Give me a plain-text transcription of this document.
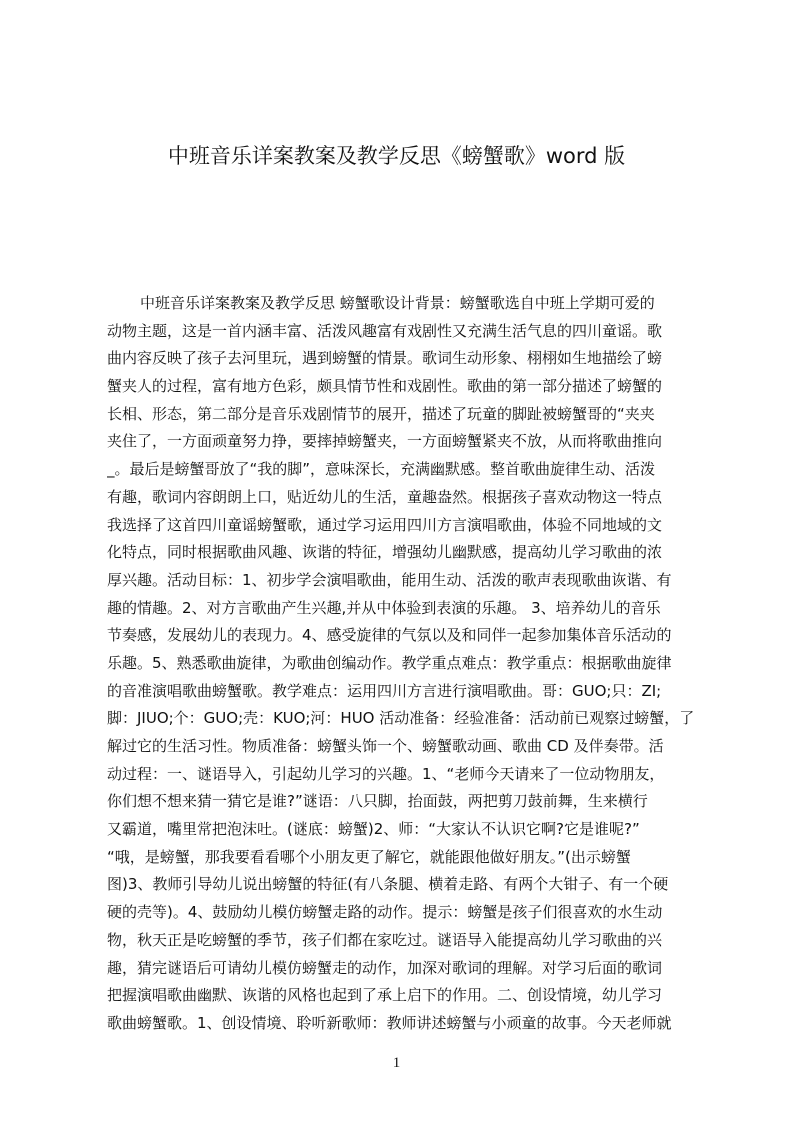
中班音乐详案教案及教学反思《螃蟹歌》word 版
中班音乐详案教案及教学反思 螃蟹歌设计背景：螃蟹歌选自中班上学期可爱的
动物主题，这是一首内涵丰富、活泼风趣富有戏剧性又充满生活气息的四川童谣。歌
曲内容反映了孩子去河里玩，遇到螃蟹的情景。歌词生动形象、栩栩如生地描绘了螃
蟹夹人的过程，富有地方色彩，颇具情节性和戏剧性。歌曲的第一部分描述了螃蟹的
长相、形态，第二部分是音乐戏剧情节的展开，描述了玩童的脚趾被螃蟹哥的“夹夹
夹住了，一方面顽童努力挣，要摔掉螃蟹夹，一方面螃蟹紧夹不放，从而将歌曲推向
_。最后是螃蟹哥放了“我的脚”，意味深长，充满幽默感。整首歌曲旋律生动、活泼
有趣，歌词内容朗朗上口，贴近幼儿的生活，童趣盎然。根据孩子喜欢动物这一特点
我选择了这首四川童谣螃蟹歌，通过学习运用四川方言演唱歌曲，体验不同地域的文
化特点，同时根据歌曲风趣、诙谐的特征，增强幼儿幽默感，提高幼儿学习歌曲的浓
厚兴趣。活动目标：1、初步学会演唱歌曲，能用生动、活泼的歌声表现歌曲诙谐、有
趣的情趣。2、对方言歌曲产生兴趣,并从中体验到表演的乐趣。 3、培养幼儿的音乐
节奏感，发展幼儿的表现力。4、感受旋律的气氛以及和同伴一起参加集体音乐活动的
乐趣。5、熟悉歌曲旋律，为歌曲创编动作。教学重点难点：教学重点：根据歌曲旋律
的音准演唱歌曲螃蟹歌。教学难点：运用四川方言进行演唱歌曲。哥：GUO;只：ZI;
脚：JIUO;个：GUO;壳：KUO;河：HUO 活动准备：经验准备：活动前已观察过螃蟹，了
解过它的生活习性。物质准备：螃蟹头饰一个、螃蟹歌动画、歌曲 CD 及伴奏带。活
动过程：一、谜语导入，引起幼儿学习的兴趣。1、“老师今天请来了一位动物朋友，
你们想不想来猜一猜它是谁?”谜语：八只脚，抬面鼓，两把剪刀鼓前舞，生来横行
又霸道，嘴里常把泡沫吐。(谜底：螃蟹)2、师：“大家认不认识它啊?它是谁呢?”
“哦，是螃蟹，那我要看看哪个小朋友更了解它，就能跟他做好朋友。”(出示螃蟹
图)3、教师引导幼儿说出螃蟹的特征(有八条腿、横着走路、有两个大钳子、有一个硬
硬的壳等)。4、鼓励幼儿模仿螃蟹走路的动作。提示：螃蟹是孩子们很喜欢的水生动
物，秋天正是吃螃蟹的季节，孩子们都在家吃过。谜语导入能提高幼儿学习歌曲的兴
趣，猜完谜语后可请幼儿模仿螃蟹走的动作，加深对歌词的理解。对学习后面的歌词
把握演唱歌曲幽默、诙谐的风格也起到了承上启下的作用。二、创设情境，幼儿学习
歌曲螃蟹歌。1、创设情境、聆听新歌师：教师讲述螃蟹与小顽童的故事。今天老师就
1
